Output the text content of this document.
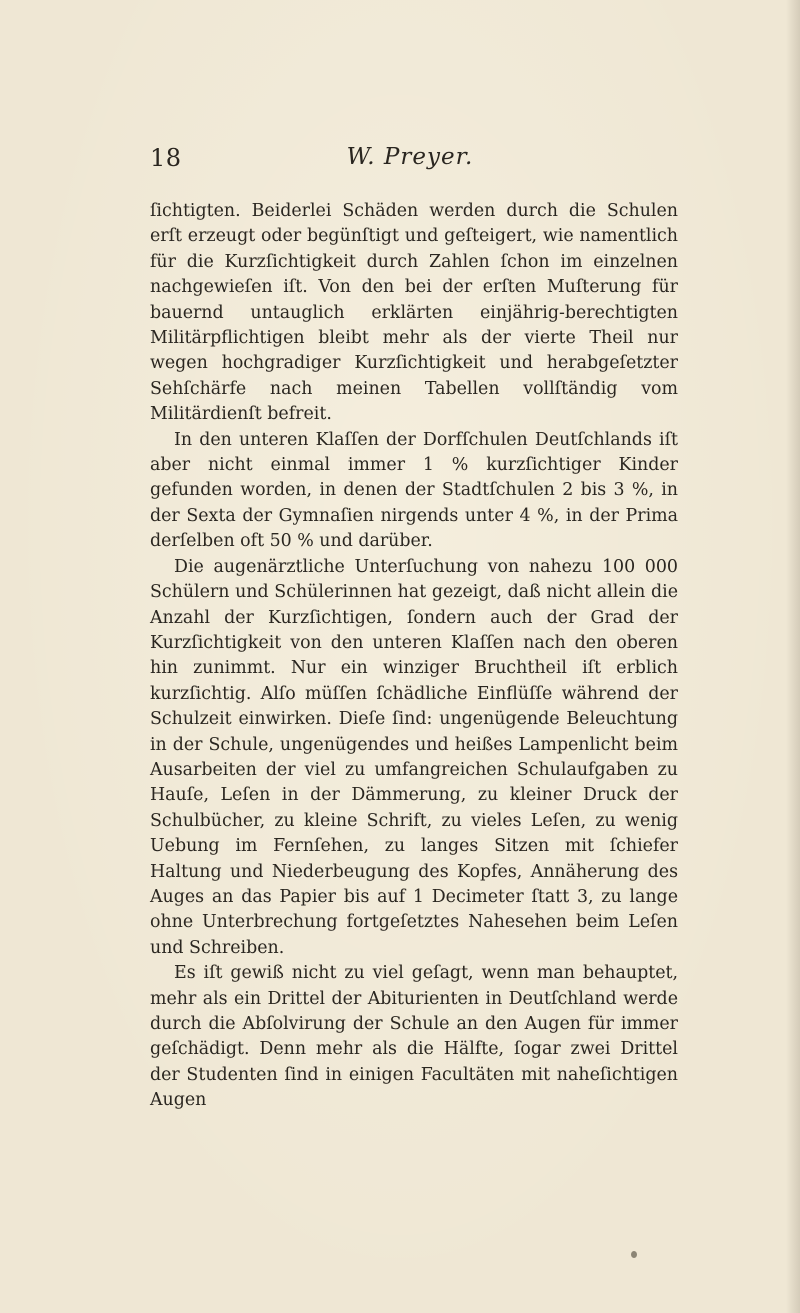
18	W. Preyer.

ſichtigten. Beiderlei Schäden werden durch die Schulen erſt erzeugt oder begünſtigt und geſteigert, wie namentlich für die Kurzſichtigkeit durch Zahlen ſchon im einzelnen nachgewieſen iſt. Von den bei der erſten Muſterung für bauernd untauglich erklärten einjährig-berechtigten Militärpflichtigen bleibt mehr als der vierte Theil nur wegen hochgradiger Kurzſichtigkeit und herabgeſetzter Sehſchärfe nach meinen Tabellen vollſtändig vom Militärdienſt befreit.

In den unteren Klaſſen der Dorfſchulen Deutſchlands iſt aber nicht einmal immer 1 % kurzſichtiger Kinder gefunden worden, in denen der Stadtſchulen 2 bis 3 %, in der Sexta der Gymnaſien nirgends unter 4 %, in der Prima derſelben oft 50 % und darüber.

Die augenärztliche Unterſuchung von nahezu 100 000 Schülern und Schülerinnen hat gezeigt, daß nicht allein die Anzahl der Kurzſichtigen, ſondern auch der Grad der Kurzſichtigkeit von den unteren Klaſſen nach den oberen hin zunimmt. Nur ein winziger Bruchtheil iſt erblich kurzſichtig. Alſo müſſen ſchädliche Einflüſſe während der Schulzeit einwirken. Dieſe ſind: ungenügende Beleuchtung in der Schule, ungenügendes und heißes Lampenlicht beim Ausarbeiten der viel zu umfangreichen Schulaufgaben zu Hauſe, Leſen in der Dämmerung, zu kleiner Druck der Schulbücher, zu kleine Schrift, zu vieles Leſen, zu wenig Uebung im Fernſehen, zu langes Sitzen mit ſchiefer Haltung und Niederbeugung des Kopfes, Annäherung des Auges an das Papier bis auf 1 Decimeter ſtatt 3, zu lange ohne Unterbrechung fortgeſetztes Nahesehen beim Leſen und Schreiben.

Es iſt gewiß nicht zu viel geſagt, wenn man behauptet, mehr als ein Drittel der Abiturienten in Deutſchland werde durch die Abſolvirung der Schule an den Augen für immer geſchädigt. Denn mehr als die Hälfte, ſogar zwei Drittel der Studenten ſind in einigen Facultäten mit naheſichtigen Augen
